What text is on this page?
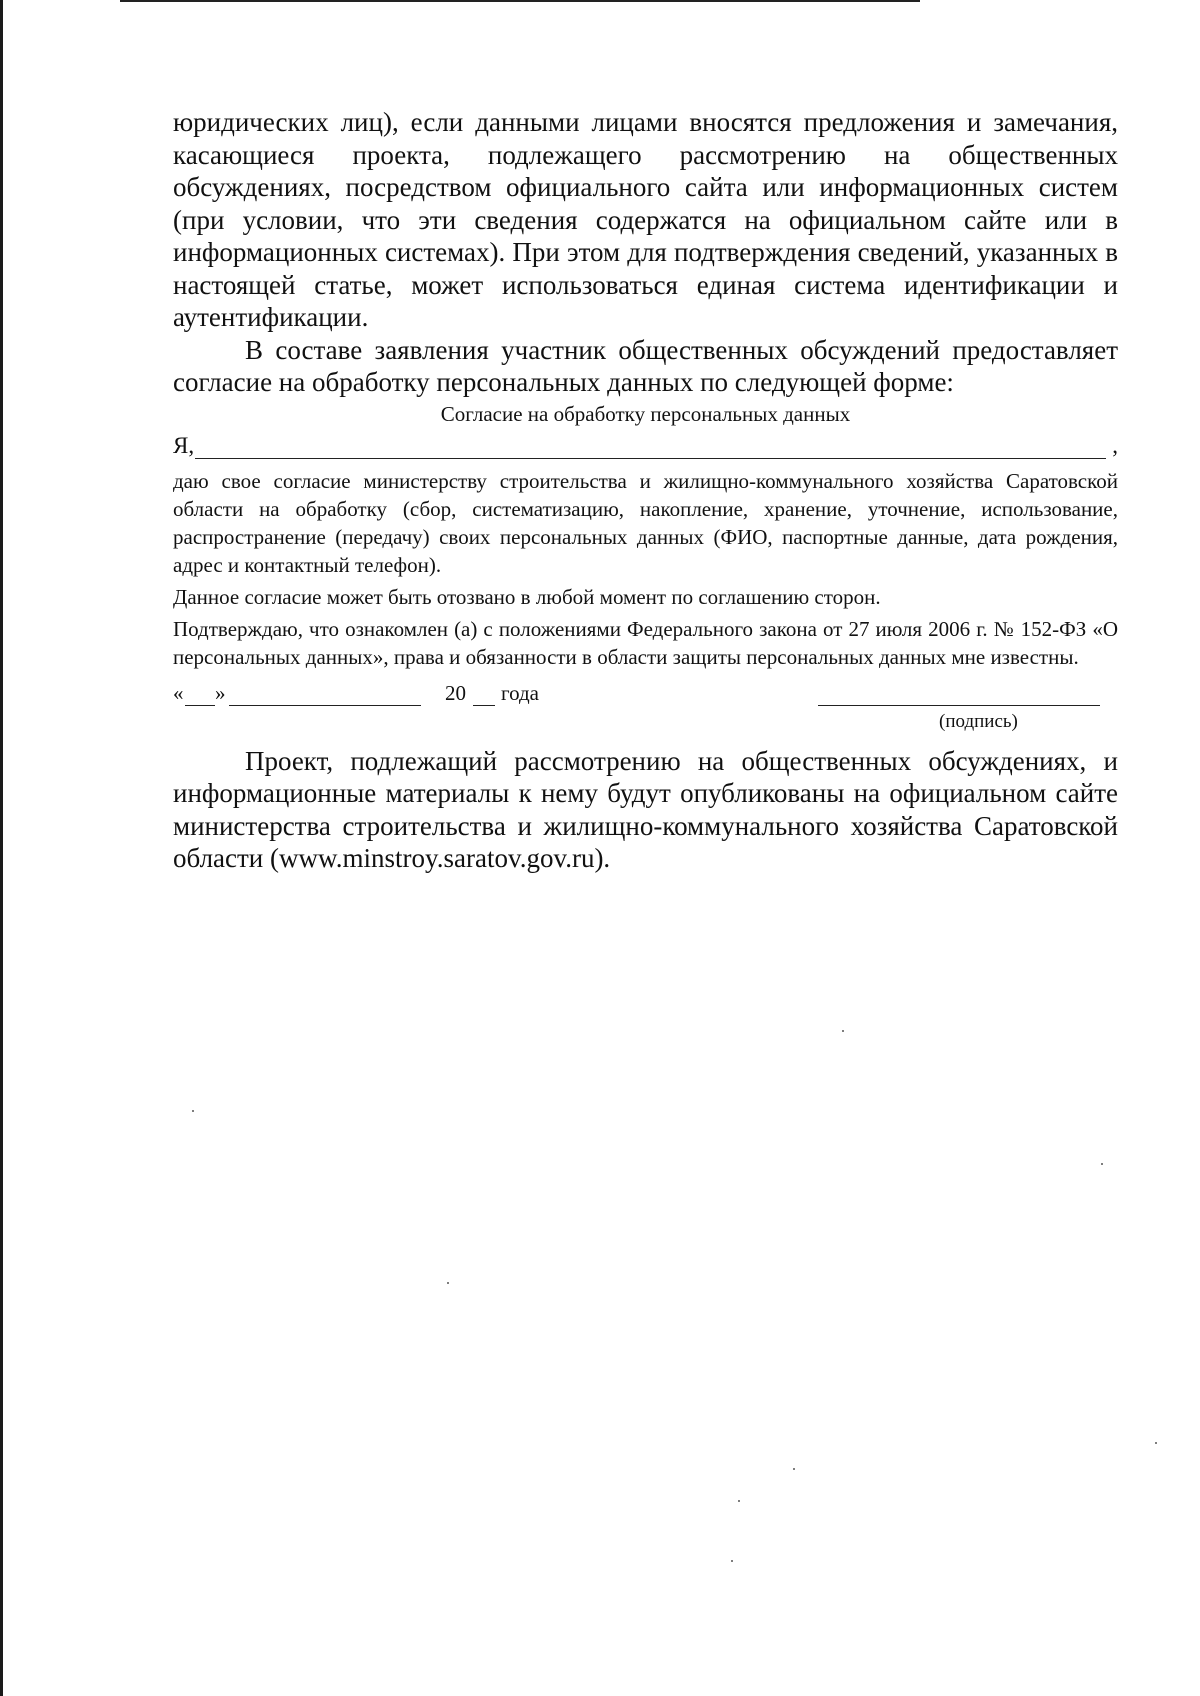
юридических лиц), если данными лицами вносятся предложения и замечания, касающиеся проекта, подлежащего рассмотрению на общественных обсуждениях, посредством официального сайта или информационных систем (при условии, что эти сведения содержатся на официальном сайте или в информационных системах). При этом для подтверждения сведений, указанных в настоящей статье, может использоваться единая система идентификации и аутентификации.

В составе заявления участник общественных обсуждений предоставляет согласие на обработку персональных данных по следующей форме:

Согласие на обработку персональных данных

Я,	,

даю свое согласие министерству строительства и жилищно-коммунального хозяйства Саратовской области на обработку (сбор, систематизацию, накопление, хранение, уточнение, использование, распространение (передачу) своих персональных данных (ФИО, паспортные данные, дата рождения, адрес и контактный телефон).

Данное согласие может быть отозвано в любой момент по соглашению сторон.

Подтверждаю, что ознакомлен (а) с положениями Федерального закона от 27 июля 2006 г. № 152-ФЗ «О персональных данных», права и обязанности в области защиты персональных данных мне известны.

« »	20 года
(подпись)

Проект, подлежащий рассмотрению на общественных обсуждениях, и информационные материалы к нему будут опубликованы на официальном сайте министерства строительства и жилищно-коммунального хозяйства Саратовской области (www.minstroy.saratov.gov.ru).
